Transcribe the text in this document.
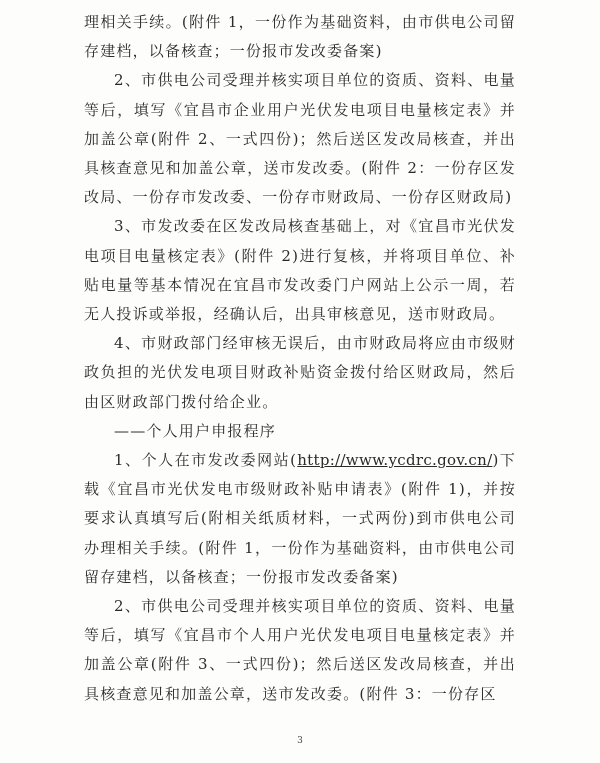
理相关手续。(附件 1，一份作为基础资料，由市供电公司留存建档，以备核查；一份报市发改委备案)

2、市供电公司受理并核实项目单位的资质、资料、电量等后，填写《宜昌市企业用户光伏发电项目电量核定表》并加盖公章(附件 2、一式四份)；然后送区发改局核查，并出具核查意见和加盖公章，送市发改委。(附件 2：一份存区发改局、一份存市发改委、一份存市财政局、一份存区财政局)

3、市发改委在区发改局核查基础上，对《宜昌市光伏发电项目电量核定表》(附件 2)进行复核，并将项目单位、补贴电量等基本情况在宜昌市发改委门户网站上公示一周，若无人投诉或举报，经确认后，出具审核意见，送市财政局。

4、市财政部门经审核无误后，由市财政局将应由市级财政负担的光伏发电项目财政补贴资金拨付给区财政局，然后由区财政部门拨付给企业。

——个人用户申报程序

1、个人在市发改委网站(http://www.ycdrc.gov.cn/)下载《宜昌市光伏发电市级财政补贴申请表》(附件 1)，并按要求认真填写后(附相关纸质材料，一式两份)到市供电公司办理相关手续。(附件 1，一份作为基础资料，由市供电公司留存建档，以备核查；一份报市发改委备案)

2、市供电公司受理并核实项目单位的资质、资料、电量等后，填写《宜昌市个人用户光伏发电项目电量核定表》并加盖公章(附件 3、一式四份)；然后送区发改局核查，并出具核查意见和加盖公章，送市发改委。(附件 3：一份存区

3
